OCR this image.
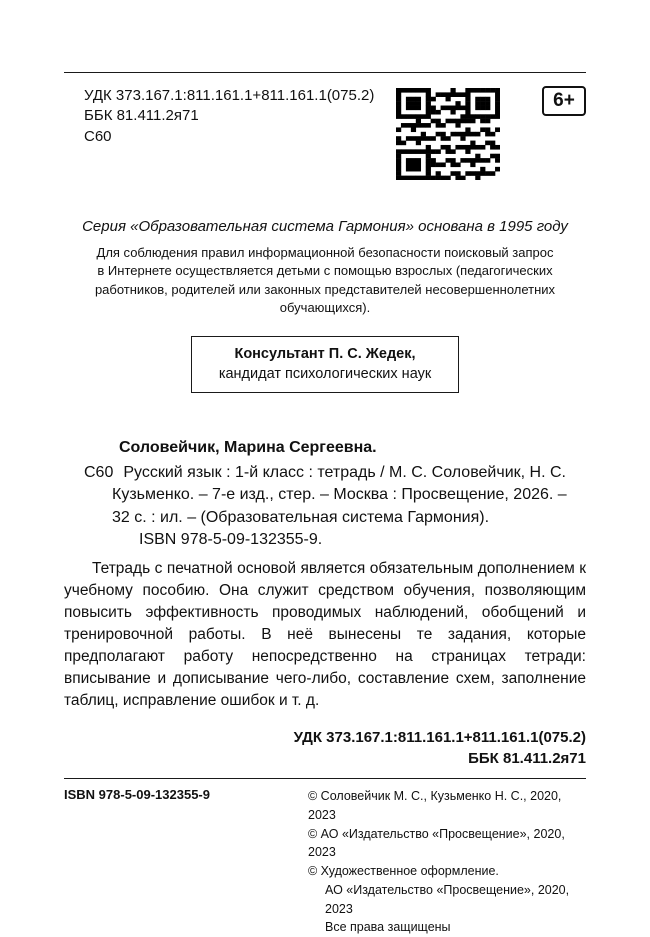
УДК 373.167.1:811.161.1+811.161.1(075.2)
ББК 81.411.2я71
С60
6+
Серия «Образовательная система Гармония» основана в 1995 году
Для соблюдения правил информационной безопасности поисковый запрос в Интернете осуществляется детьми с помощью взрослых (педагогических работников, родителей или законных представителей несовершеннолетних обучающихся).
Консультант П. С. Жедек,
кандидат психологических наук
Соловейчик, Марина Сергеевна.

С60 Русский язык : 1-й класс : тетрадь / М. С. Соловейчик, Н. С. Кузьменко. – 7-е изд., стер. – Москва : Просвещение, 2026. – 32 с. : ил. – (Образовательная система Гармония).

ISBN 978-5-09-132355-9.

Тетрадь с печатной основой является обязательным дополнением к учебному пособию. Она служит средством обучения, позволяющим повысить эффективность проводимых наблюдений, обобщений и тренировочной работы. В неё вынесены те задания, которые предполагают работу непосредственно на страницах тетради: вписывание и дописывание чего-либо, составление схем, заполнение таблиц, исправление ошибок и т. д.

УДК 373.167.1:811.161.1+811.161.1(075.2)
ББК 81.411.2я71
ISBN 978-5-09-132355-9	© Соловейчик М. С., Кузьменко Н. С., 2020, 2023
© АО «Издательство «Просвещение», 2020, 2023
© Художественное оформление.
АО «Издательство «Просвещение», 2020, 2023
Все права защищены
